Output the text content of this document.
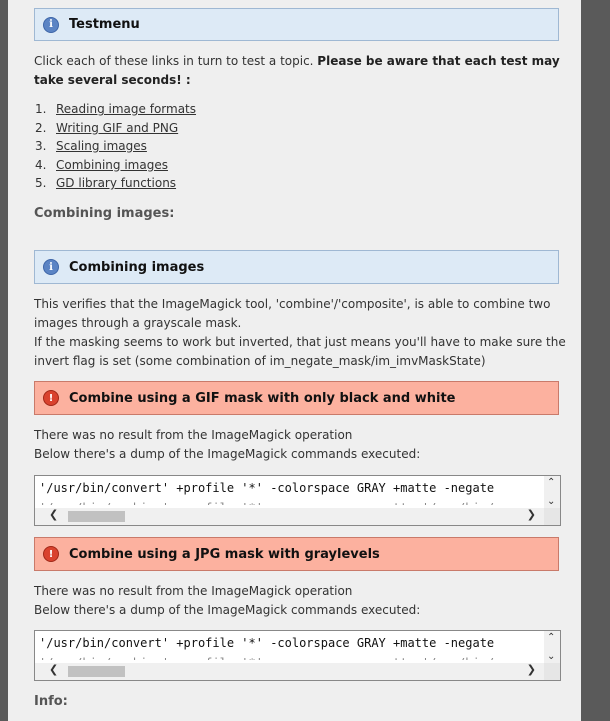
i	Testmenu
Click each of these links in turn to test a topic. Please be aware that each test may take several seconds! :
1. Reading image formats
2. Writing GIF and PNG
3. Scaling images
4. Combining images
5. GD library functions
Combining images:
i	Combining images
This verifies that the ImageMagick tool, 'combine'/'composite', is able to combine two images through a grayscale mask.
If the masking seems to work but inverted, that just means you'll have to make sure the invert flag is set (some combination of im_negate_mask/im_imvMaskState)
!	Combine using a GIF mask with only black and white
There was no result from the ImageMagick operation
Below there's a dump of the ImageMagick commands executed:
'/usr/bin/convert' +profile '*' -colorspace GRAY +matte -negate
❮	❯
⌃
⌄
!	Combine using a JPG mask with graylevels
There was no result from the ImageMagick operation
Below there's a dump of the ImageMagick commands executed:
'/usr/bin/convert' +profile '*' -colorspace GRAY +matte -negate
❮	❯
⌃
⌄
Info:
